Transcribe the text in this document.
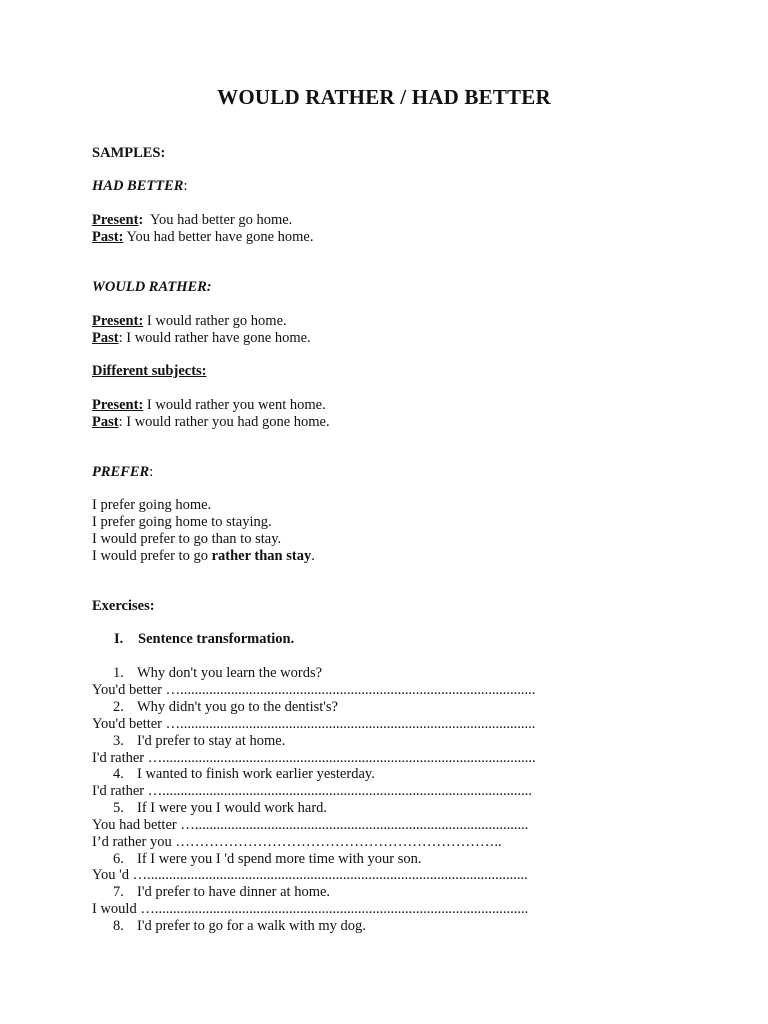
WOULD RATHER / HAD BETTER
SAMPLES:
HAD BETTER:
Present:  You had better go home.
Past: You had better have gone home.
WOULD RATHER:
Present: I would rather go home.
Past: I would rather have gone home.
Different subjects:
Present: I would rather you went home.
Past: I would rather you had gone home.
PREFER:
I prefer going home.
I prefer going home to staying.
I would prefer to go than to stay.
I would prefer to go rather than stay.
Exercises:
I. Sentence transformation.
1. Why don't you learn the words?
You'd better …..................................................................................................
2. Why didn't you go to the dentist's?
You'd better …..................................................................................................
3. I'd prefer to stay at home.
I'd rather ….......................................................................................................
4. I wanted to finish work earlier yesterday.
I'd rather …......................................................................................................
5. If I were you I would work hard.
You had better …............................................................................................
I’d rather you …………………………………………………………..
6. If I were you I 'd spend more time with your son.
You 'd ….........................................................................................................
7. I'd prefer to have dinner at home.
I would ….......................................................................................................
8. I'd prefer to go for a walk with my dog.
